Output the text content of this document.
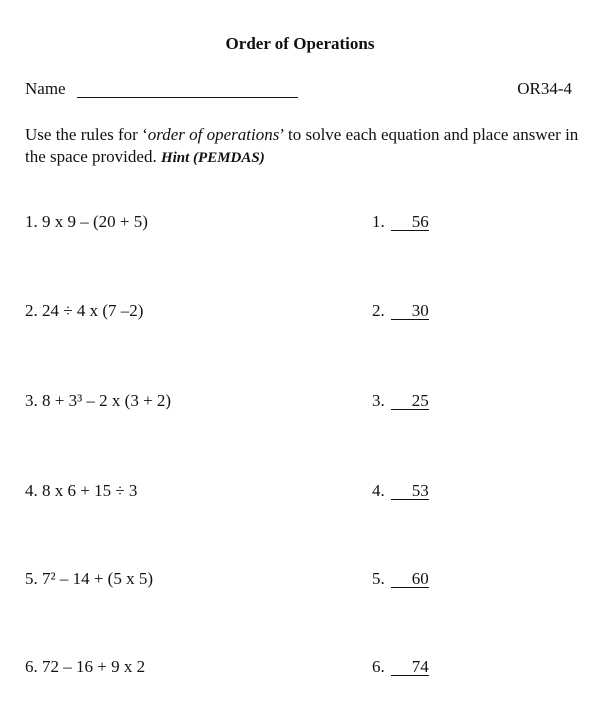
Order of Operations
Name	OR34-4
Use the rules for ‘order of operations’ to solve each equation and place answer in the space provided. Hint (PEMDAS)
1. 9 x 9 – (20 + 5)	1. 56
2. 24 ÷ 4 x (7 –2)	2. 30
3. 8 + 3³ – 2 x (3 + 2)	3. 25
4. 8 x 6 + 15 ÷ 3	4. 53
5. 7² – 14 + (5 x 5)	5. 60
6. 72 – 16 + 9 x 2	6. 74
